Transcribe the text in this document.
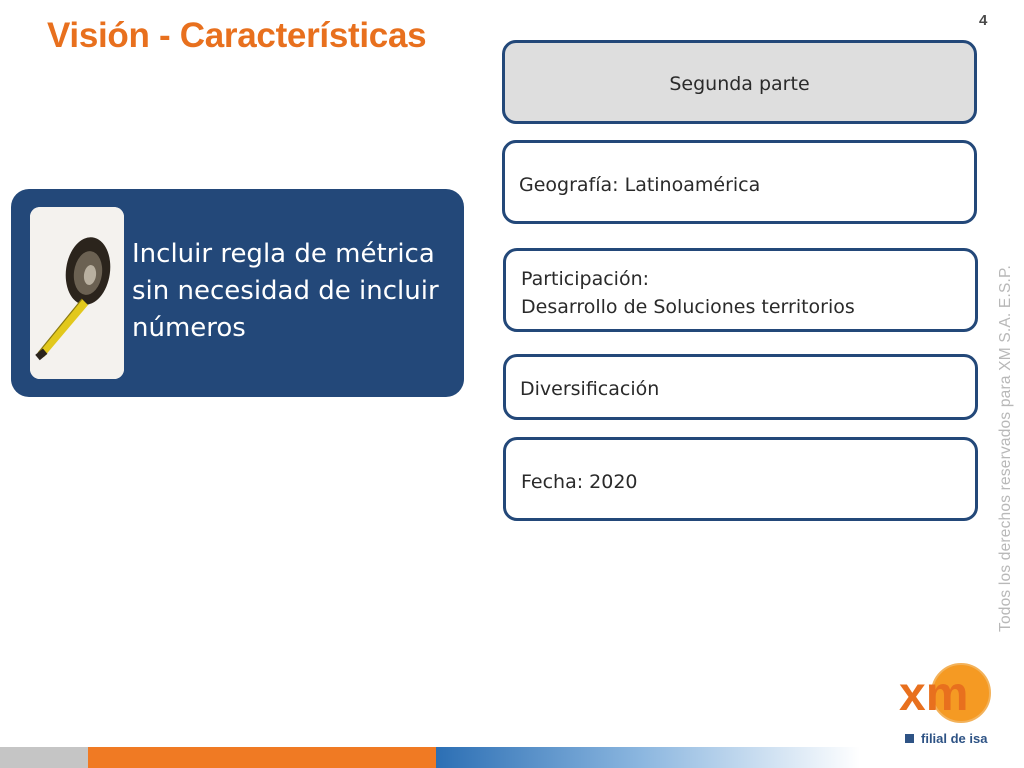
Visión - Características	4
Todos los derechos reservados para XM S.A. E.S.P.
Incluir regla de métrica
sin necesidad de incluir
números
Segunda parte
Geografía: Latinoamérica
Participación:
Desarrollo de Soluciones territorios
Diversificación
Fecha: 2020
xm
filial de isa
